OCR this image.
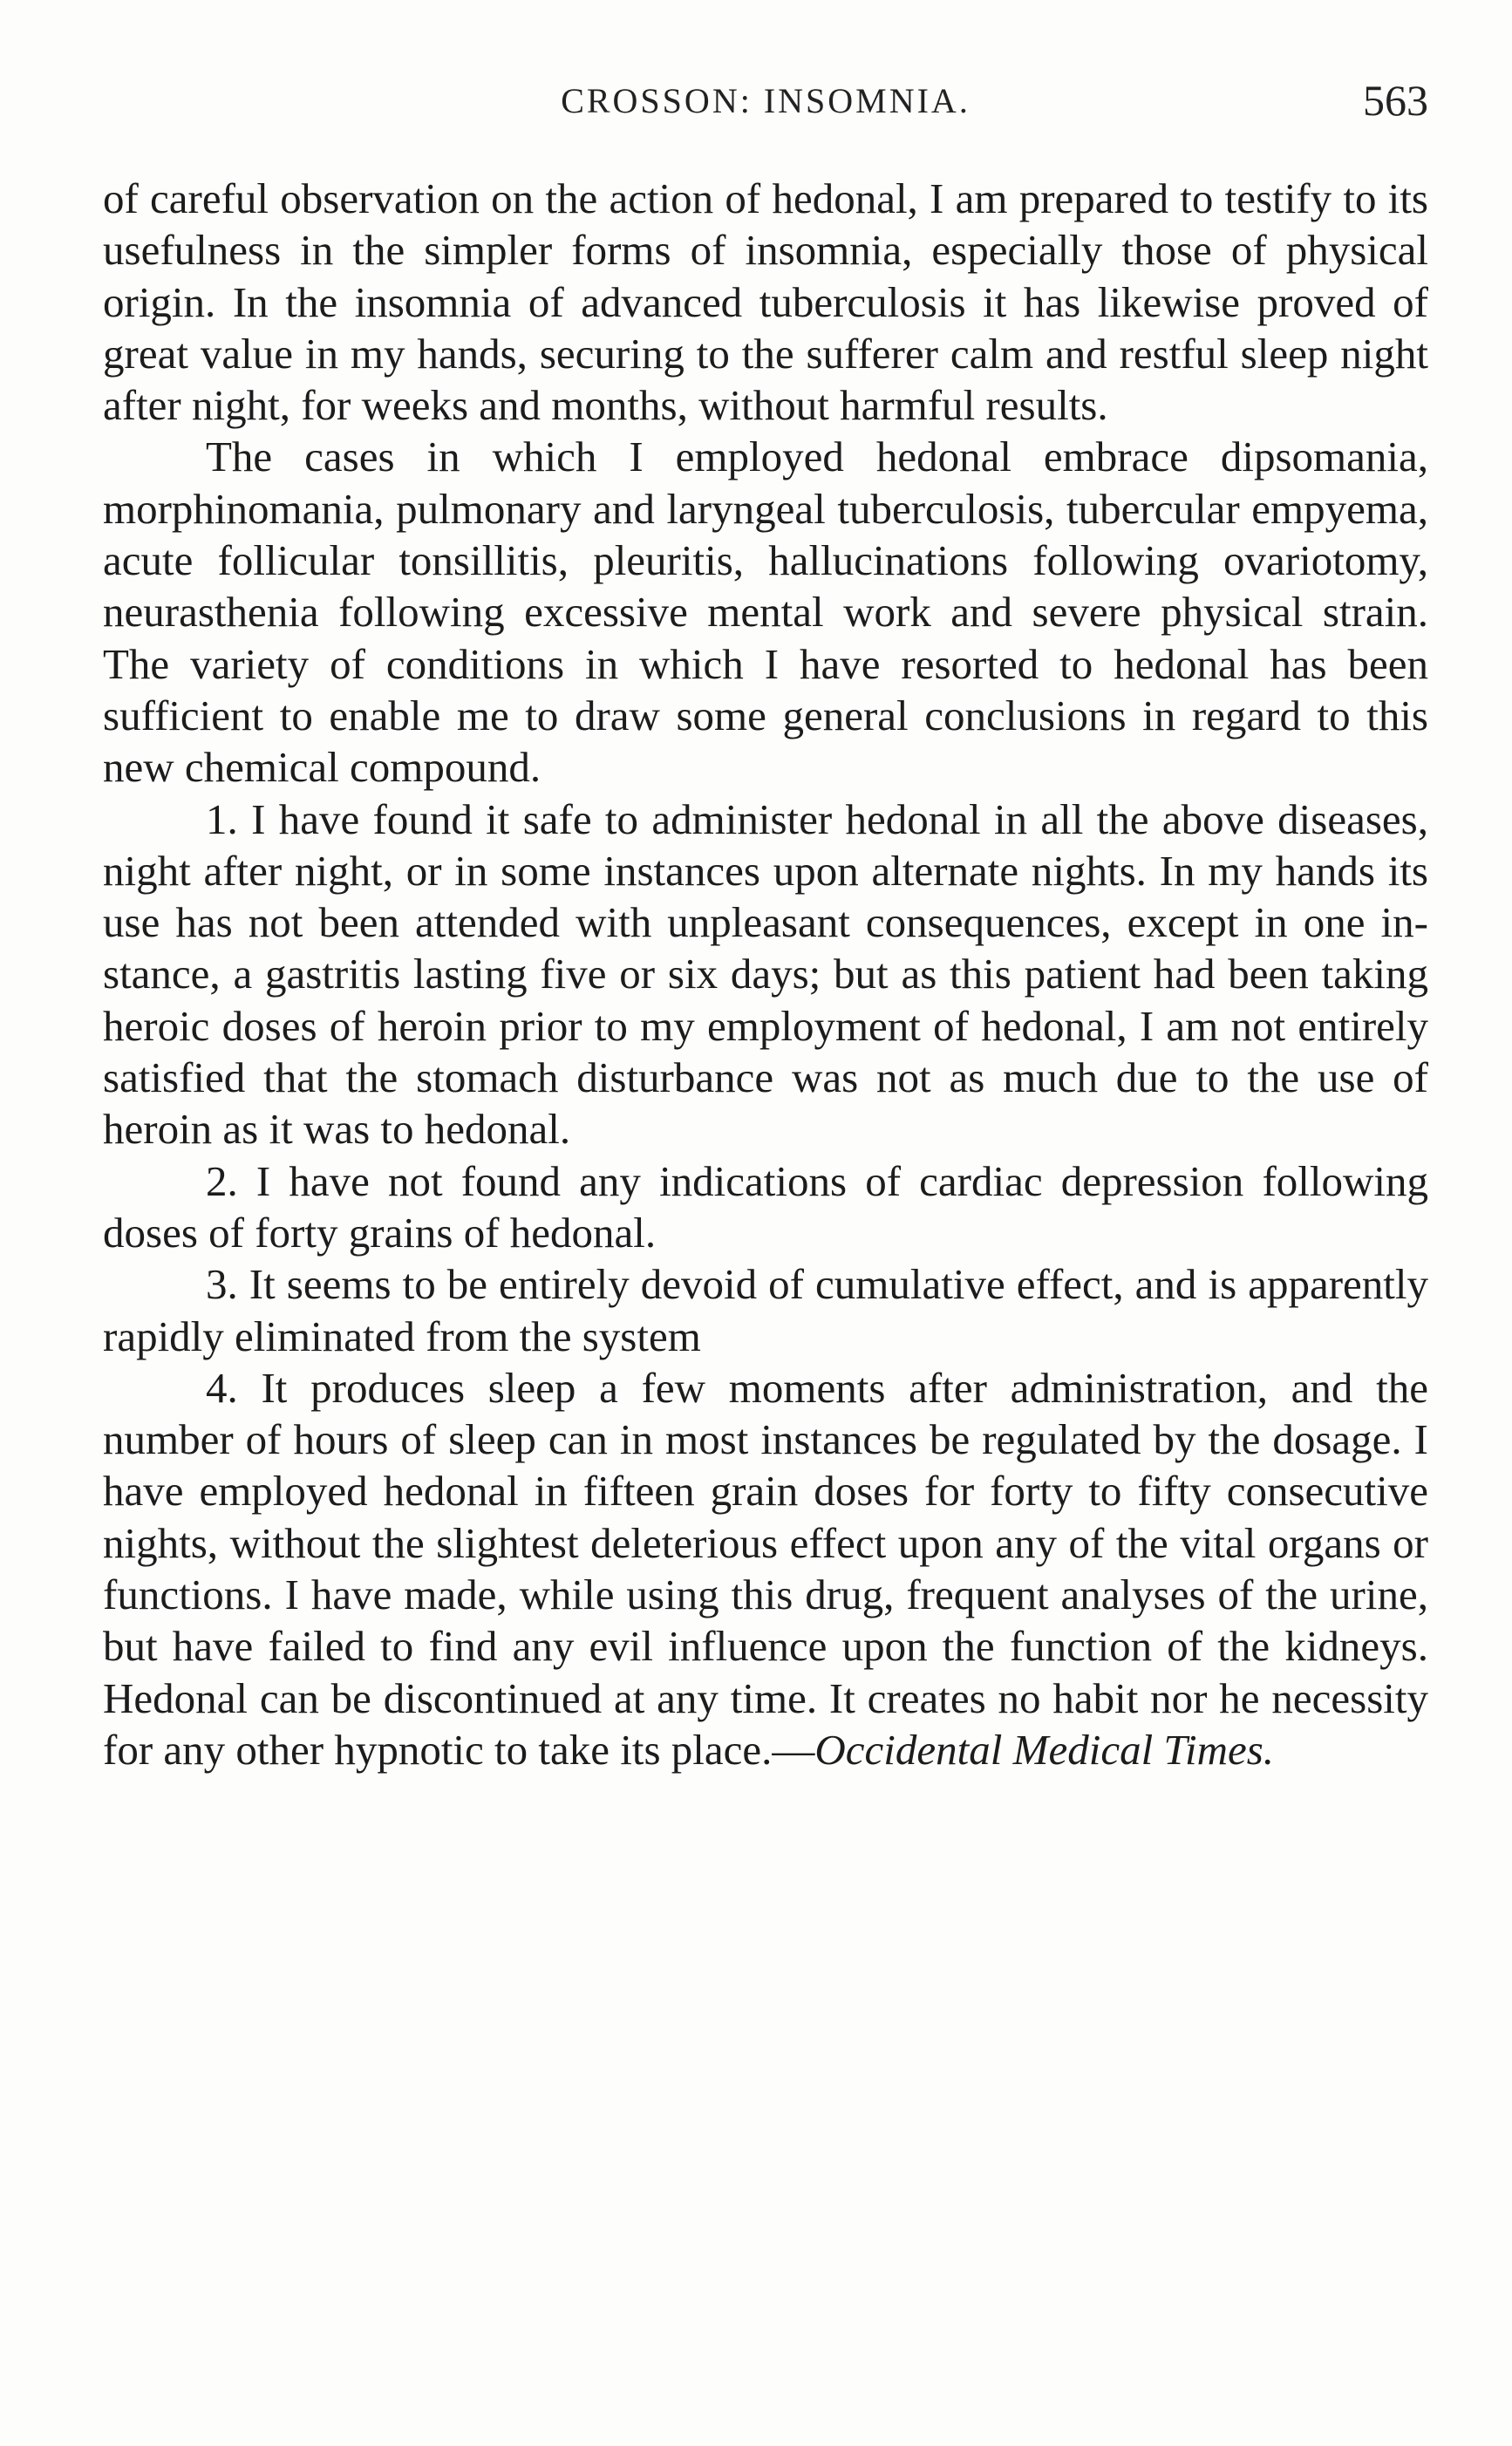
CROSSON: INSOMNIA.	563

of careful observation on the action of hedonal, I am prepared to testify to its usefulness in the simpler forms of insomnia, especially those of physical origin. In the insomnia of advanced tuberculosis it has likewise proved of great value in my hands, securing to the sufferer calm and restful sleep night after night, for weeks and months, without harmful results.

The cases in which I employed hedonal embrace dipsomania, morphinomania, pulmonary and laryngeal tuberculosis, tubercular empyema, acute follicular tonsillitis, pleuritis, hallucinations following ovariotomy, neurasthenia following excessive mental work and severe physical strain. The variety of conditions in which I have resorted to hedonal has been sufficient to enable me to draw some general conclusions in regard to this new chemical compound.

1. I have found it safe to administer hedonal in all the above diseases, night after night, or in some instances upon alternate nights. In my hands its use has not been attended with unpleasant consequences, except in one instance, a gastritis lasting five or six days; but as this patient had been taking heroic doses of heroin prior to my employment of hedonal, I am not entirely satisfied that the stomach disturbance was not as much due to the use of heroin as it was to hedonal.

2. I have not found any indications of cardiac depression following doses of forty grains of hedonal.

3. It seems to be entirely devoid of cumulative effect, and is apparently rapidly eliminated from the system

4. It produces sleep a few moments after administration, and the number of hours of sleep can in most instances be regulated by the dosage. I have employed hedonal in fifteen grain doses for forty to fifty consecutive nights, without the slightest deleterious effect upon any of the vital organs or functions. I have made, while using this drug, frequent analyses of the urine, but have failed to find any evil influence upon the function of the kidneys. Hedonal can be discontinued at any time. It creates no habit nor he necessity for any other hypnotic to take its place.—Occidental Medical Times.
